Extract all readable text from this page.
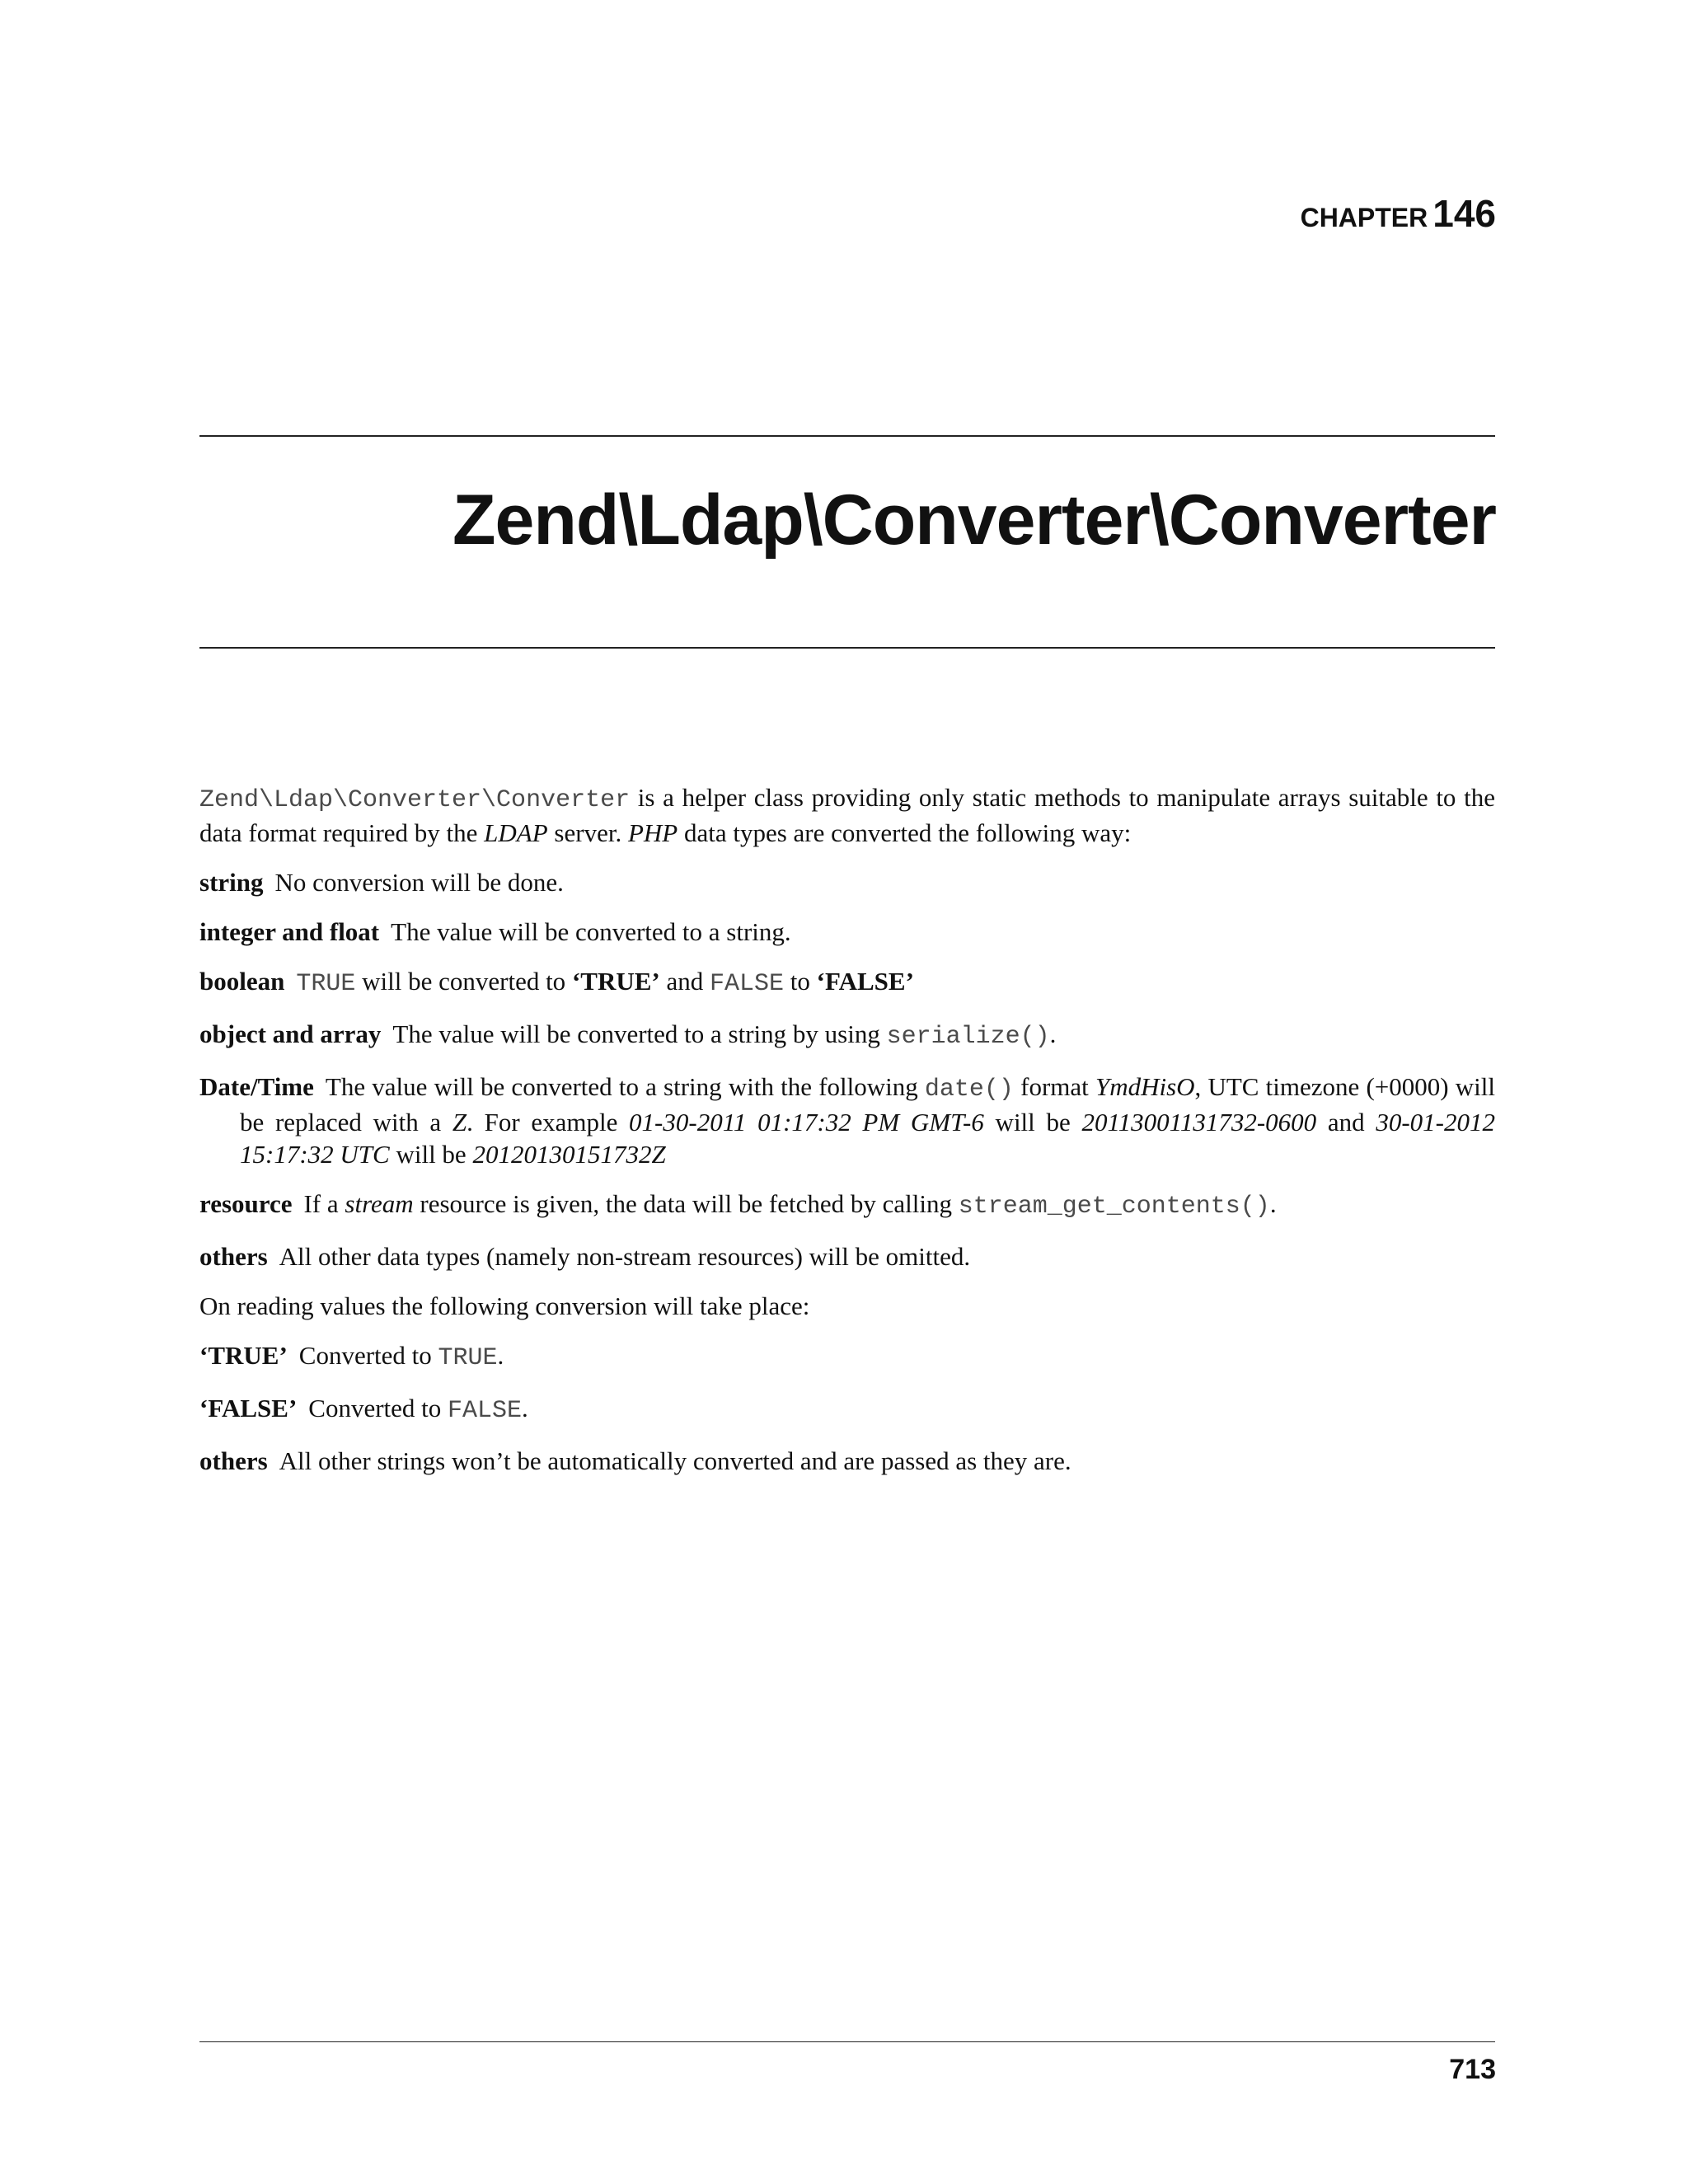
CHAPTER 146
Zend\Ldap\Converter\Converter

Zend\Ldap\Converter\Converter is a helper class providing only static methods to manipulate arrays suitable to the data format required by the LDAP server. PHP data types are converted the following way:

string No conversion will be done.
integer and float The value will be converted to a string.
boolean TRUE will be converted to ‘TRUE’ and FALSE to ‘FALSE’
object and array The value will be converted to a string by using serialize().
Date/Time The value will be converted to a string with the following date() format YmdHisO, UTC timezone (+0000) will be replaced with a Z. For example 01-30-2011 01:17:32 PM GMT-6 will be 20113001131732-0600 and 30-01-2012 15:17:32 UTC will be 20120130151732Z
resource If a stream resource is given, the data will be fetched by calling stream_get_contents().
others All other data types (namely non-stream resources) will be omitted.

On reading values the following conversion will take place:

‘TRUE’ Converted to TRUE.
‘FALSE’ Converted to FALSE.
others All other strings won’t be automatically converted and are passed as they are.
713
